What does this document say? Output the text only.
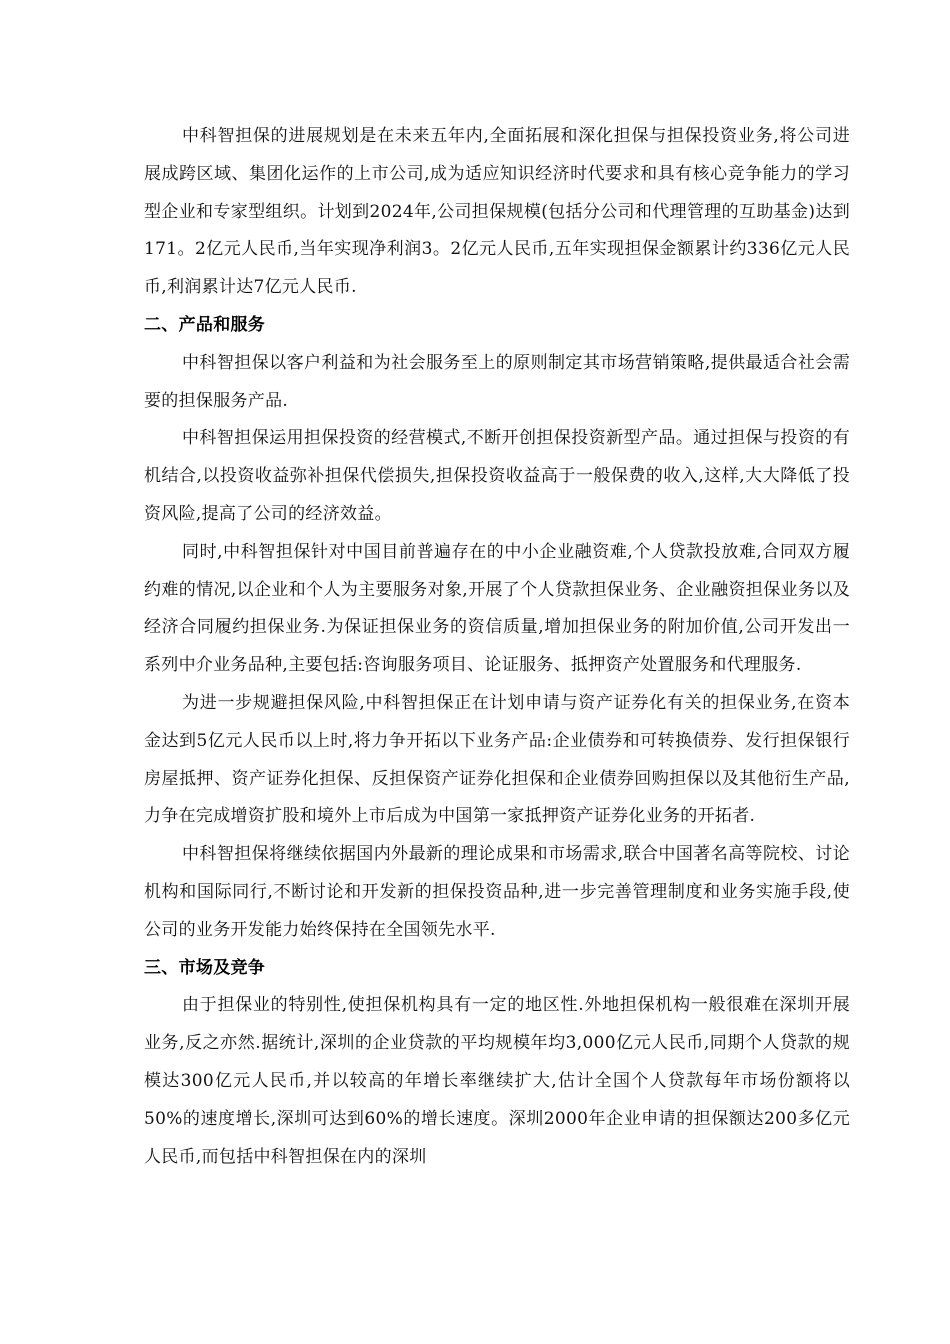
中科智担保的进展规划是在未来五年内,全面拓展和深化担保与担保投资业务,将公司进展成跨区域、集团化运作的上市公司,成为适应知识经济时代要求和具有核心竞争能力的学习型企业和专家型组织。计划到2024年,公司担保规模(包括分公司和代理管理的互助基金)达到171。2亿元人民币,当年实现净利润3。2亿元人民币,五年实现担保金额累计约336亿元人民币,利润累计达7亿元人民币.

二、产品和服务

中科智担保以客户利益和为社会服务至上的原则制定其市场营销策略,提供最适合社会需要的担保服务产品.

中科智担保运用担保投资的经营模式,不断开创担保投资新型产品。通过担保与投资的有机结合,以投资收益弥补担保代偿损失,担保投资收益高于一般保费的收入,这样,大大降低了投资风险,提高了公司的经济效益。

同时,中科智担保针对中国目前普遍存在的中小企业融资难,个人贷款投放难,合同双方履约难的情况,以企业和个人为主要服务对象,开展了个人贷款担保业务、企业融资担保业务以及经济合同履约担保业务.为保证担保业务的资信质量,增加担保业务的附加价值,公司开发出一系列中介业务品种,主要包括:咨询服务项目、论证服务、抵押资产处置服务和代理服务.

为进一步规避担保风险,中科智担保正在计划申请与资产证券化有关的担保业务,在资本金达到5亿元人民币以上时,将力争开拓以下业务产品:企业债券和可转换债券、发行担保银行房屋抵押、资产证券化担保、反担保资产证券化担保和企业债券回购担保以及其他衍生产品,力争在完成增资扩股和境外上市后成为中国第一家抵押资产证券化业务的开拓者.

中科智担保将继续依据国内外最新的理论成果和市场需求,联合中国著名高等院校、讨论机构和国际同行,不断讨论和开发新的担保投资品种,进一步完善管理制度和业务实施手段,使公司的业务开发能力始终保持在全国领先水平.

三、市场及竞争

由于担保业的特别性,使担保机构具有一定的地区性.外地担保机构一般很难在深圳开展业务,反之亦然.据统计,深圳的企业贷款的平均规模年均3,000亿元人民币,同期个人贷款的规模达300亿元人民币,并以较高的年增长率继续扩大,估计全国个人贷款每年市场份额将以50%的速度增长,深圳可达到60%的增长速度。深圳2000年企业申请的担保额达200多亿元人民币,而包括中科智担保在内的深圳
